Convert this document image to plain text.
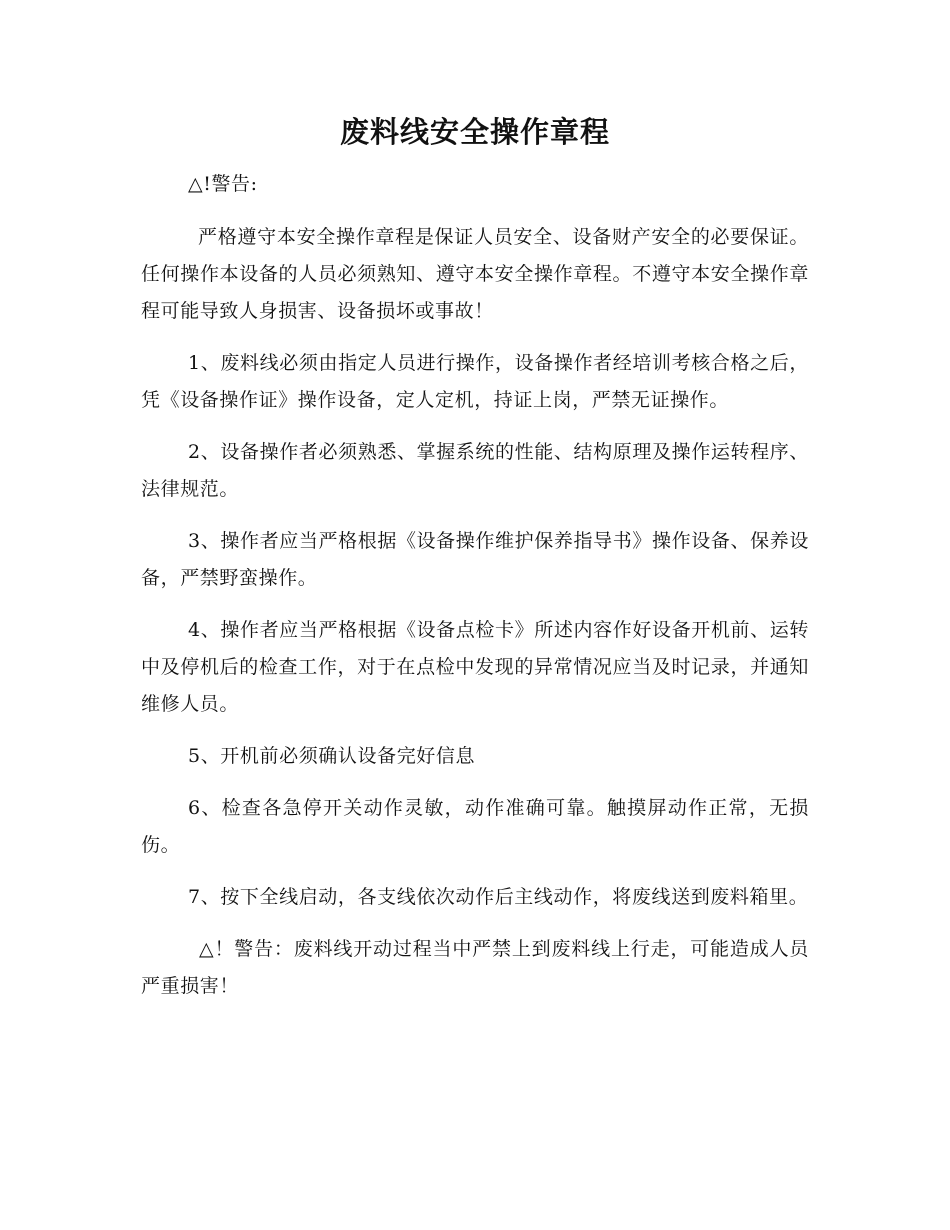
废料线安全操作章程

△!警告:

严格遵守本安全操作章程是保证人员安全、设备财产安全的必要保证。任何操作本设备的人员必须熟知、遵守本安全操作章程。不遵守本安全操作章程可能导致人身损害、设备损坏或事故！

1、废料线必须由指定人员进行操作，设备操作者经培训考核合格之后，凭《设备操作证》操作设备，定人定机，持证上岗，严禁无证操作。

2、设备操作者必须熟悉、掌握系统的性能、结构原理及操作运转程序、法律规范。

3、操作者应当严格根据《设备操作维护保养指导书》操作设备、保养设备，严禁野蛮操作。

4、操作者应当严格根据《设备点检卡》所述内容作好设备开机前、运转中及停机后的检查工作，对于在点检中发现的异常情况应当及时记录，并通知维修人员。

5、开机前必须确认设备完好信息

6、检查各急停开关动作灵敏，动作准确可靠。触摸屏动作正常，无损伤。

7、按下全线启动，各支线依次动作后主线动作，将废线送到废料箱里。

△！警告：废料线开动过程当中严禁上到废料线上行走，可能造成人员严重损害！
